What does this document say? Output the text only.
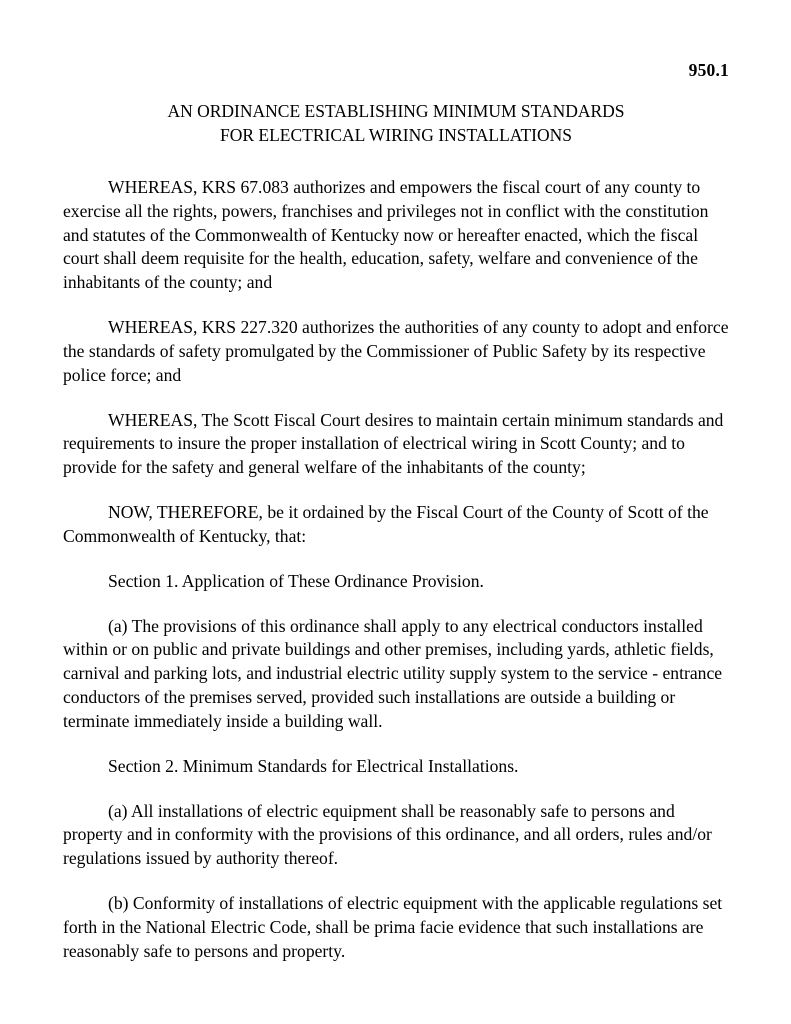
950.1
AN ORDINANCE ESTABLISHING MINIMUM STANDARDS
FOR ELECTRICAL WIRING INSTALLATIONS

WHEREAS, KRS 67.083 authorizes and empowers the fiscal court of any county to exercise all the rights, powers, franchises and privileges not in conflict with the constitution and statutes of the Commonwealth of Kentucky now or hereafter enacted, which the fiscal court shall deem requisite for the health, education, safety, welfare and convenience of the inhabitants of the county; and

WHEREAS, KRS 227.320 authorizes the authorities of any county to adopt and enforce the standards of safety promulgated by the Commissioner of Public Safety by its respective police force; and

WHEREAS, The Scott Fiscal Court desires to maintain certain minimum standards and requirements to insure the proper installation of electrical wiring in Scott County; and to provide for the safety and general welfare of the inhabitants of the county;

NOW, THEREFORE, be it ordained by the Fiscal Court of the County of Scott of the Commonwealth of Kentucky, that:

Section 1. Application of These Ordinance Provision.

(a) The provisions of this ordinance shall apply to any electrical conductors installed within or on public and private buildings and other premises, including yards, athletic fields, carnival and parking lots, and industrial electric utility supply system to the service - entrance conductors of the premises served, provided such installations are outside a building or terminate immediately inside a building wall.

Section 2. Minimum Standards for Electrical Installations.

(a) All installations of electric equipment shall be reasonably safe to persons and property and in conformity with the provisions of this ordinance, and all orders, rules and/or regulations issued by authority thereof.

(b) Conformity of installations of electric equipment with the applicable regulations set forth in the National Electric Code, shall be prima facie evidence that such installations are reasonably safe to persons and property.
